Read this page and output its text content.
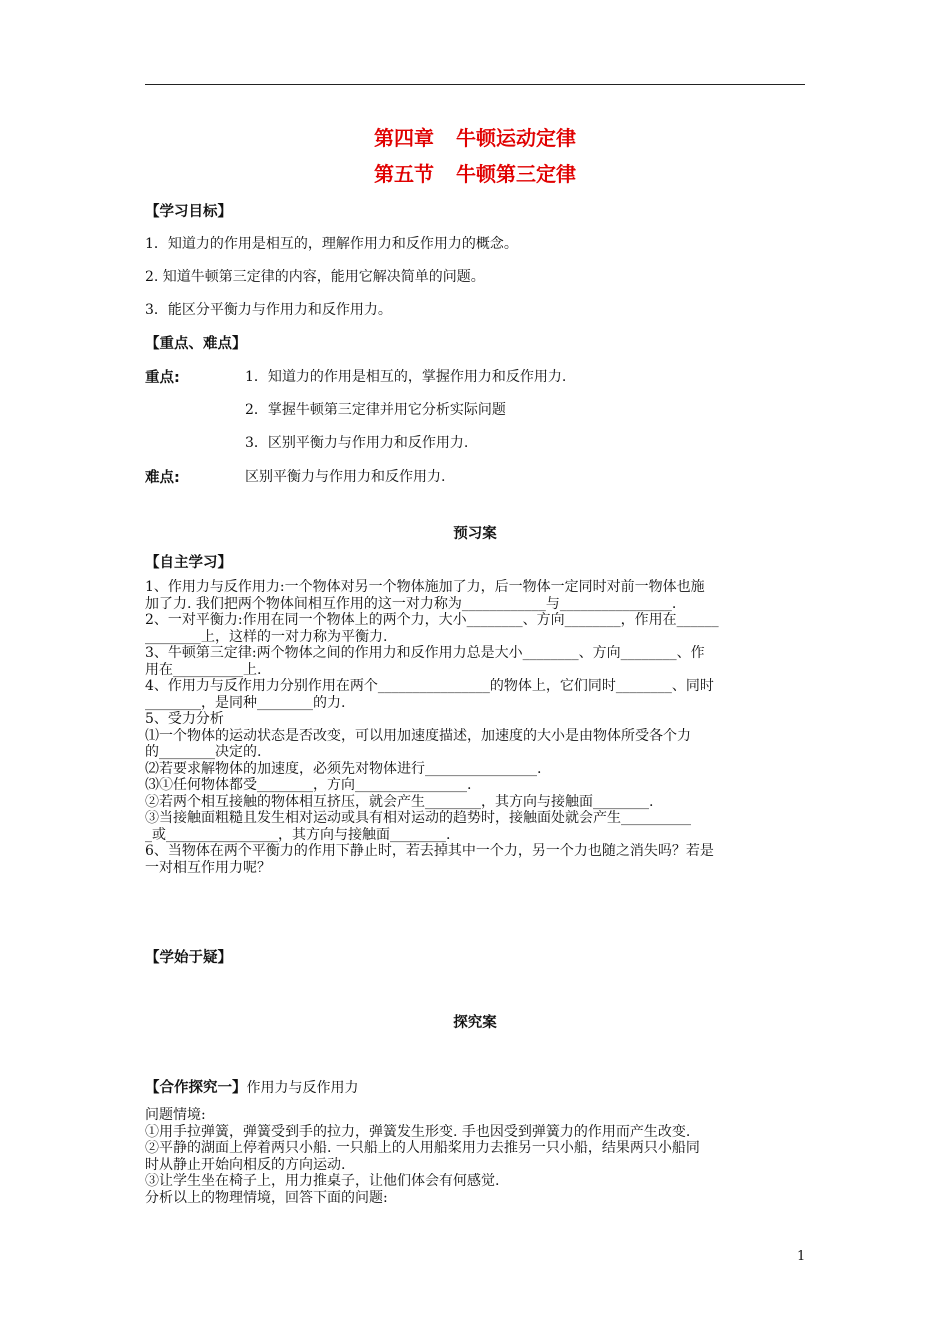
第四章 牛顿运动定律
第五节 牛顿第三定律
【学习目标】
1．知道力的作用是相互的，理解作用力和反作用力的概念。
2. 知道牛顿第三定律的内容，能用它解决简单的问题。
3．能区分平衡力与作用力和反作用力。
【重点、难点】
重点:	1．知道力的作用是相互的，掌握作用力和反作用力.
2．掌握牛顿第三定律并用它分析实际问题
3．区别平衡力与作用力和反作用力.
难点:	区别平衡力与作用力和反作用力.
预习案
【自主学习】
1、作用力与反作用力:一个物体对另一个物体施加了力，后一物体一定同时对前一物体也施
加了力. 我们把两个物体间相互作用的这一对力称为____________与________________.
2、一对平衡力:作用在同一个物体上的两个力，大小________、方向________，作用在______
________上，这样的一对力称为平衡力.
3、牛顿第三定律:两个物体之间的作用力和反作用力总是大小________、方向________、作
用在__________上.
4、作用力与反作用力分别作用在两个________________的物体上，它们同时________、同时
________，是同种________的力.
5、受力分析
⑴一个物体的运动状态是否改变，可以用加速度描述，加速度的大小是由物体所受各个力
的________决定的.
⑵若要求解物体的加速度，必须先对物体进行________________.
⑶①任何物体都受________，方向________________.
②若两个相互接触的物体相互挤压，就会产生________，其方向与接触面________.
③当接触面粗糙且发生相对运动或具有相对运动的趋势时，接触面处就会产生__________
_或________________，其方向与接触面________.
6、当物体在两个平衡力的作用下静止时，若去掉其中一个力，另一个力也随之消失吗？若是
一对相互作用力呢？
【学始于疑】
探究案
【合作探究一】作用力与反作用力
问题情境:
①用手拉弹簧，弹簧受到手的拉力，弹簧发生形变. 手也因受到弹簧力的作用而产生改变.
②平静的湖面上停着两只小船. 一只船上的人用船桨用力去推另一只小船，结果两只小船同
时从静止开始向相反的方向运动.
③让学生坐在椅子上，用力推桌子，让他们体会有何感觉.
分析以上的物理情境，回答下面的问题:
1
